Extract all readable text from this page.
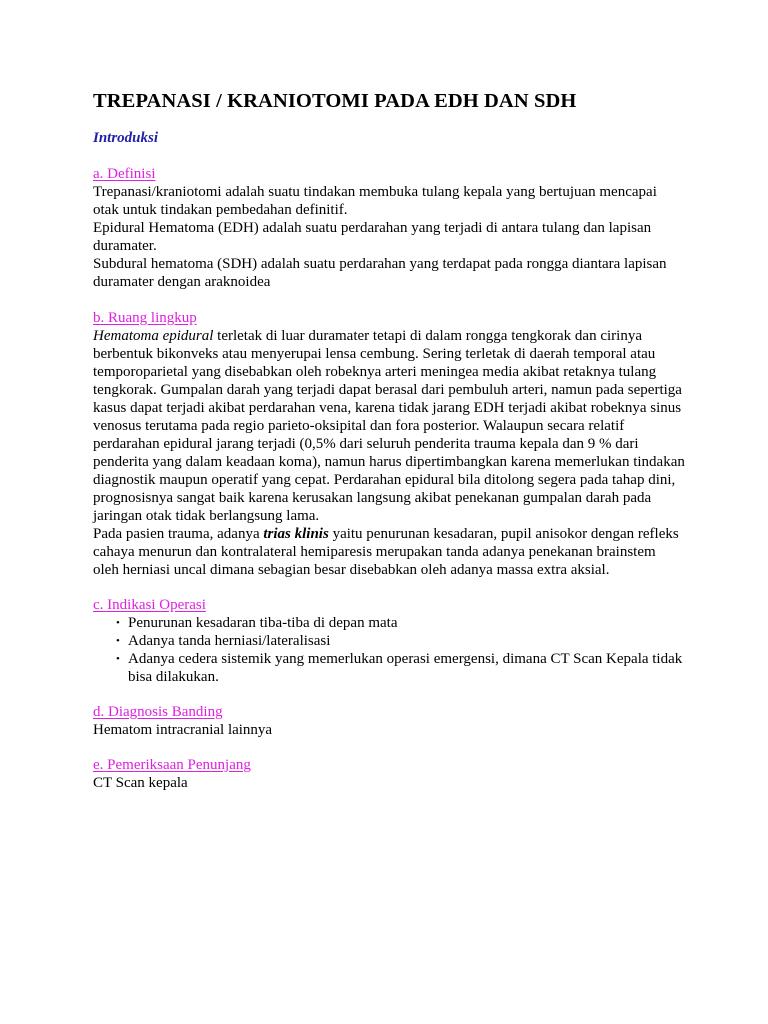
TREPANASI / KRANIOTOMI PADA EDH DAN SDH
Introduksi
a. Definisi

Trepanasi/kraniotomi adalah suatu tindakan membuka tulang kepala yang bertujuan mencapai otak untuk tindakan pembedahan definitif.

Epidural Hematoma (EDH) adalah suatu perdarahan yang terjadi di antara tulang dan lapisan duramater.

Subdural hematoma (SDH) adalah suatu perdarahan yang terdapat pada rongga diantara lapisan duramater dengan araknoidea

b. Ruang lingkup

Hematoma epidural terletak di luar duramater tetapi di dalam rongga tengkorak dan cirinya berbentuk bikonveks atau menyerupai lensa cembung. Sering terletak di daerah temporal atau temporoparietal yang disebabkan oleh robeknya arteri meningea media akibat retaknya tulang tengkorak. Gumpalan darah yang terjadi dapat berasal dari pembuluh arteri, namun pada sepertiga kasus dapat terjadi akibat perdarahan vena, karena tidak jarang EDH terjadi akibat robeknya sinus venosus terutama pada regio parieto-oksipital dan fora posterior. Walaupun secara relatif perdarahan epidural jarang terjadi (0,5% dari seluruh penderita trauma kepala dan 9 % dari penderita yang dalam keadaan koma), namun harus dipertimbangkan karena memerlukan tindakan diagnostik maupun operatif yang cepat. Perdarahan epidural bila ditolong segera pada tahap dini, prognosisnya sangat baik karena kerusakan langsung akibat penekanan gumpalan darah pada jaringan otak tidak berlangsung lama.

Pada pasien trauma, adanya trias klinis yaitu penurunan kesadaran, pupil anisokor dengan refleks cahaya menurun dan kontralateral hemiparesis merupakan tanda adanya penekanan brainstem oleh herniasi uncal dimana sebagian besar disebabkan oleh adanya massa extra aksial.

c. Indikasi Operasi
• Penurunan kesadaran tiba-tiba di depan mata
• Adanya tanda herniasi/lateralisasi
• Adanya cedera sistemik yang memerlukan operasi emergensi, dimana CT Scan Kepala tidak bisa dilakukan.
d. Diagnosis Banding

Hematom intracranial lainnya

e. Pemeriksaan Penunjang

CT Scan kepala
